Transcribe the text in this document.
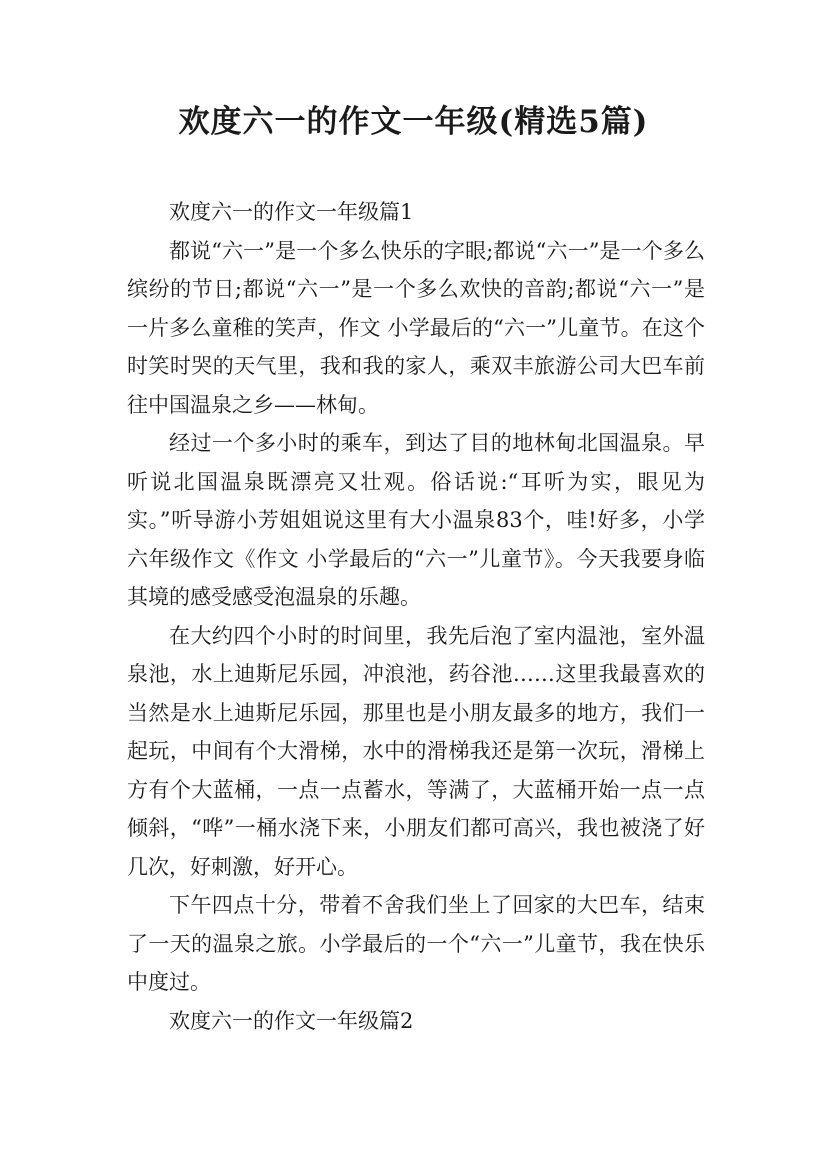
欢度六一的作文一年级(精选5篇)

欢度六一的作文一年级篇1

都说“六一”是一个多么快乐的字眼;都说“六一”是一个多么缤纷的节日;都说“六一”是一个多么欢快的音韵;都说“六一”是一片多么童稚的笑声，作文 小学最后的“六一”儿童节。在这个时笑时哭的天气里，我和我的家人，乘双丰旅游公司大巴车前往中国温泉之乡——林甸。

经过一个多小时的乘车，到达了目的地林甸北国温泉。早听说北国温泉既漂亮又壮观。俗话说:“耳听为实，眼见为实。”听导游小芳姐姐说这里有大小温泉83个，哇!好多，小学六年级作文《作文 小学最后的“六一”儿童节》。今天我要身临其境的感受感受泡温泉的乐趣。

在大约四个小时的时间里，我先后泡了室内温池，室外温泉池，水上迪斯尼乐园，冲浪池，药谷池……这里我最喜欢的当然是水上迪斯尼乐园，那里也是小朋友最多的地方，我们一起玩，中间有个大滑梯，水中的滑梯我还是第一次玩，滑梯上方有个大蓝桶，一点一点蓄水，等满了，大蓝桶开始一点一点倾斜，“哗”一桶水浇下来，小朋友们都可高兴，我也被浇了好几次，好刺激，好开心。

下午四点十分，带着不舍我们坐上了回家的大巴车，结束了一天的温泉之旅。小学最后的一个“六一”儿童节，我在快乐中度过。

欢度六一的作文一年级篇2
